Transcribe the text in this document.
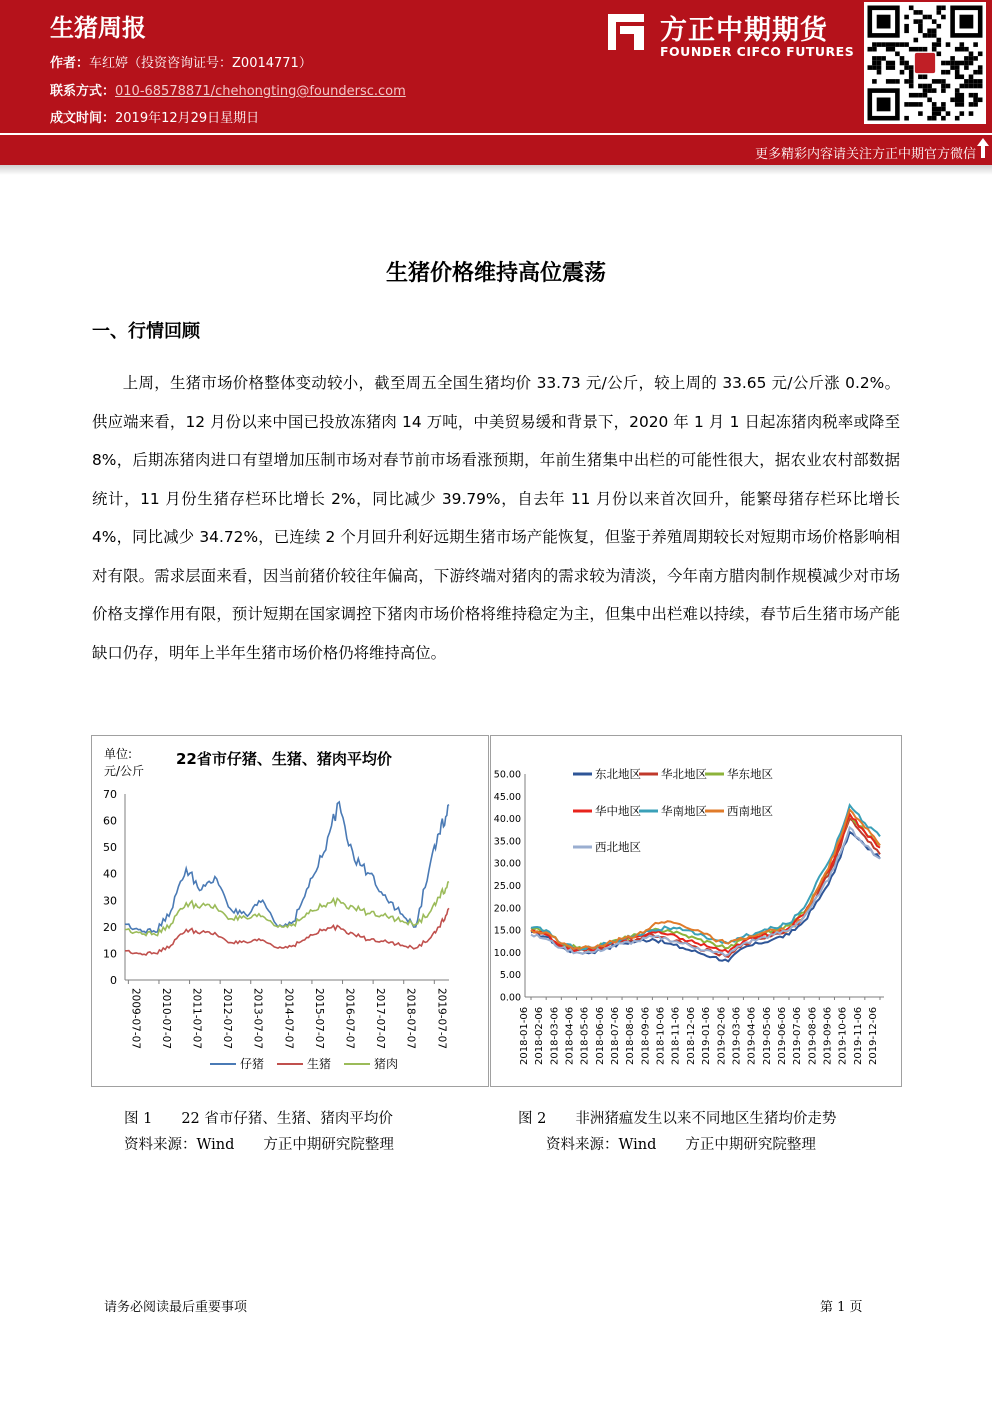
生猪周报
作者：车红婷（投资咨询证号：Z0014771）
联系方式：010-68578871/chehongting@foundersc.com
成文时间：2019年12月29日星期日
方正中期期货
FOUNDER CIFCO FUTURES
更多精彩内容请关注方正中期官方微信
生猪价格维持高位震荡
一、行情回顾
上周，生猪市场价格整体变动较小，截至周五全国生猪均价 33.73 元/公斤，较上周的 33.65 元/公斤涨 0.2%。供应端来看，12 月份以来中国已投放冻猪肉 14 万吨，中美贸易缓和背景下，2020 年 1 月 1 日起冻猪肉税率或降至 8%，后期冻猪肉进口有望增加压制市场对春节前市场看涨预期，年前生猪集中出栏的可能性很大，据农业农村部数据统计，11 月份生猪存栏环比增长 2%，同比减少 39.79%，自去年 11 月份以来首次回升，能繁母猪存栏环比增长 4%，同比减少 34.72%，已连续 2 个月回升利好远期生猪市场产能恢复，但鉴于养殖周期较长对短期市场价格影响相对有限。需求层面来看，因当前猪价较往年偏高，下游终端对猪肉的需求较为清淡，今年南方腊肉制作规模减少对市场价格支撑作用有限，预计短期在国家调控下猪肉市场价格将维持稳定为主，但集中出栏难以持续，春节后生猪市场产能缺口仍存，明年上半年生猪市场价格仍将维持高位。
单位:
元/公斤
22省市仔猪、生猪、猪肉平均价
0
10
20
30
40
50
60
70
2009-07-07 2010-07-07 2011-07-07 2012-07-07 2013-07-07 2014-07-07 2015-07-07 2016-07-07 2017-07-07 2018-07-07 2019-07-07
仔猪	生猪	猪肉
0.00
5.00
10.00
15.00
20.00
25.00
30.00
35.00
40.00
45.00
50.00
2018-01-06 2018-02-06 2018-03-06 2018-04-06 2018-05-06 2018-06-06 2018-07-06 2018-08-06 2018-09-06 2018-10-06 2018-11-06 2018-12-06 2019-01-06 2019-02-06 2019-03-06 2019-04-06 2019-05-06 2019-06-06 2019-07-06 2019-08-06 2019-09-06 2019-10-06 2019-11-06 2019-12-06
东北地区 华北地区 华东地区
华中地区 华南地区 西南地区
西北地区
图 1　　22 省市仔猪、生猪、猪肉平均价
资料来源：Wind　　方正中期研究院整理
图 2　　非洲猪瘟发生以来不同地区生猪均价走势
资料来源：Wind　　方正中期研究院整理
请务必阅读最后重要事项	第 1 页
